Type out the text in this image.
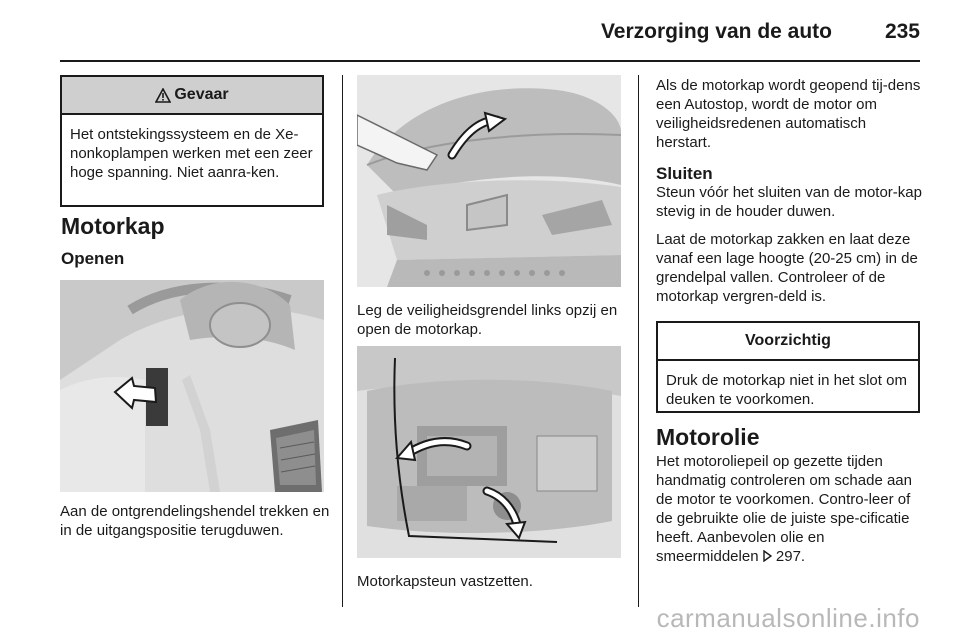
Verzorging van de auto	235
Gevaar
Het ontstekingssysteem en de Xe-nonkoplampen werken met een zeer hoge spanning. Niet aanra-ken.
Motorkap
Openen
Aan de ontgrendelingshendel trekken en in de uitgangspositie terugduwen.
Leg de veiligheidsgrendel links opzij en open de motorkap.
Motorkapsteun vastzetten.
Als de motorkap wordt geopend tij-dens een Autostop, wordt de motor om veiligheidsredenen automatisch herstart.
Sluiten
Steun vóór het sluiten van de motor-kap stevig in de houder duwen.
Laat de motorkap zakken en laat deze vanaf een lage hoogte (20-25 cm) in de grendelpal vallen. Controleer of de motorkap vergren-deld is.
Voorzichtig
Druk de motorkap niet in het slot om deuken te voorkomen.
Motorolie
Het motoroliepeil op gezette tijden handmatig controleren om schade aan de motor te voorkomen. Contro-leer of de gebruikte olie de juiste spe-cificatie heeft. Aanbevolen olie en smeermiddelen 297.
carmanualsonline.info
